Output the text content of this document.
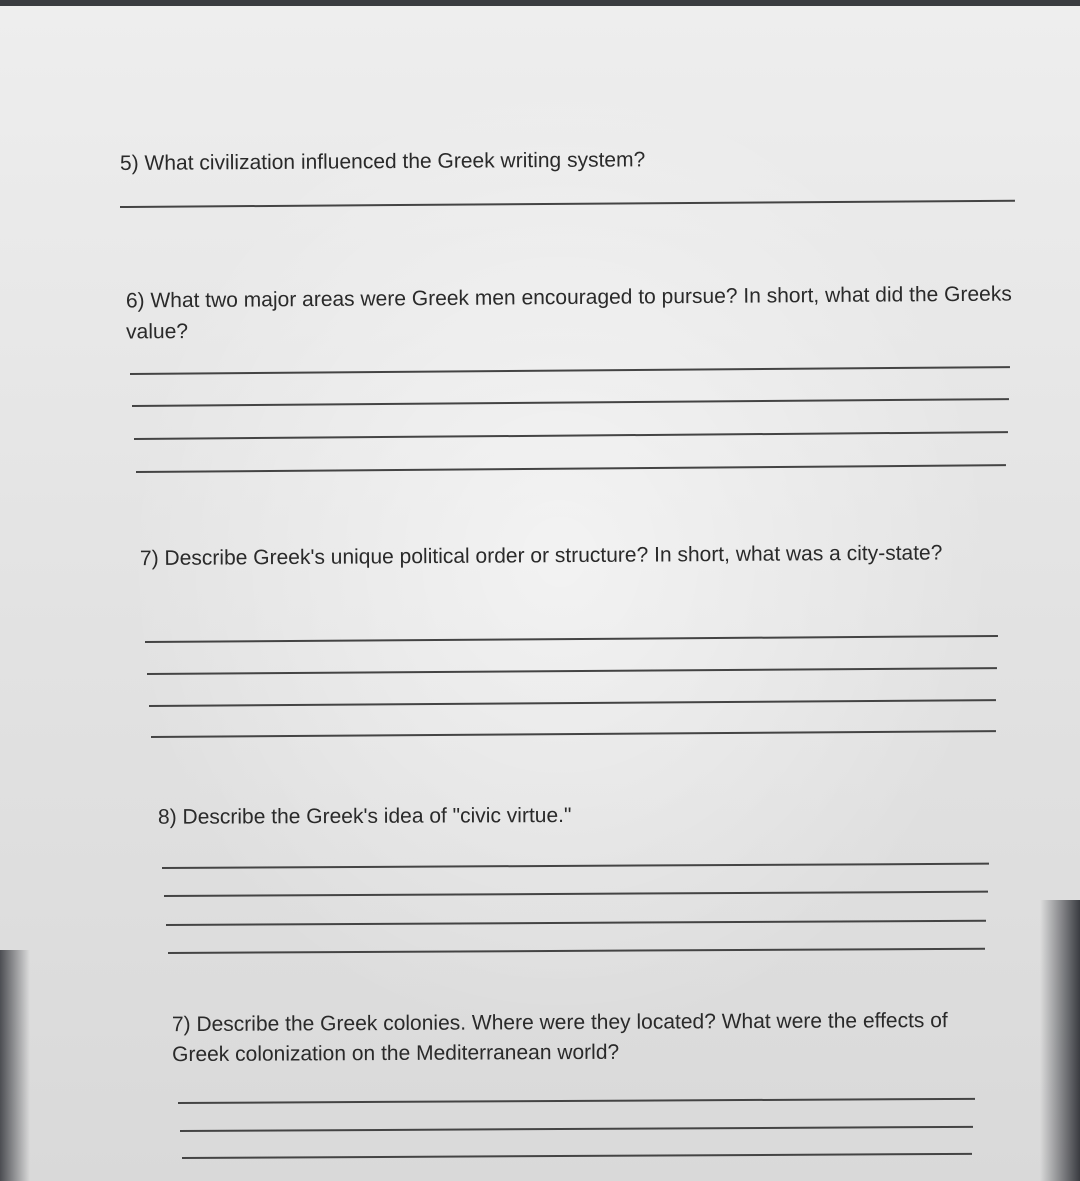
5) What civilization influenced the Greek writing system?

6) What two major areas were Greek men encouraged to pursue? In short, what did the Greeks value?

7) Describe Greek's unique political order or structure? In short, what was a city-state?

8) Describe the Greek's idea of "civic virtue."

7) Describe the Greek colonies. Where were they located? What were the effects of Greek colonization on the Mediterranean world?
